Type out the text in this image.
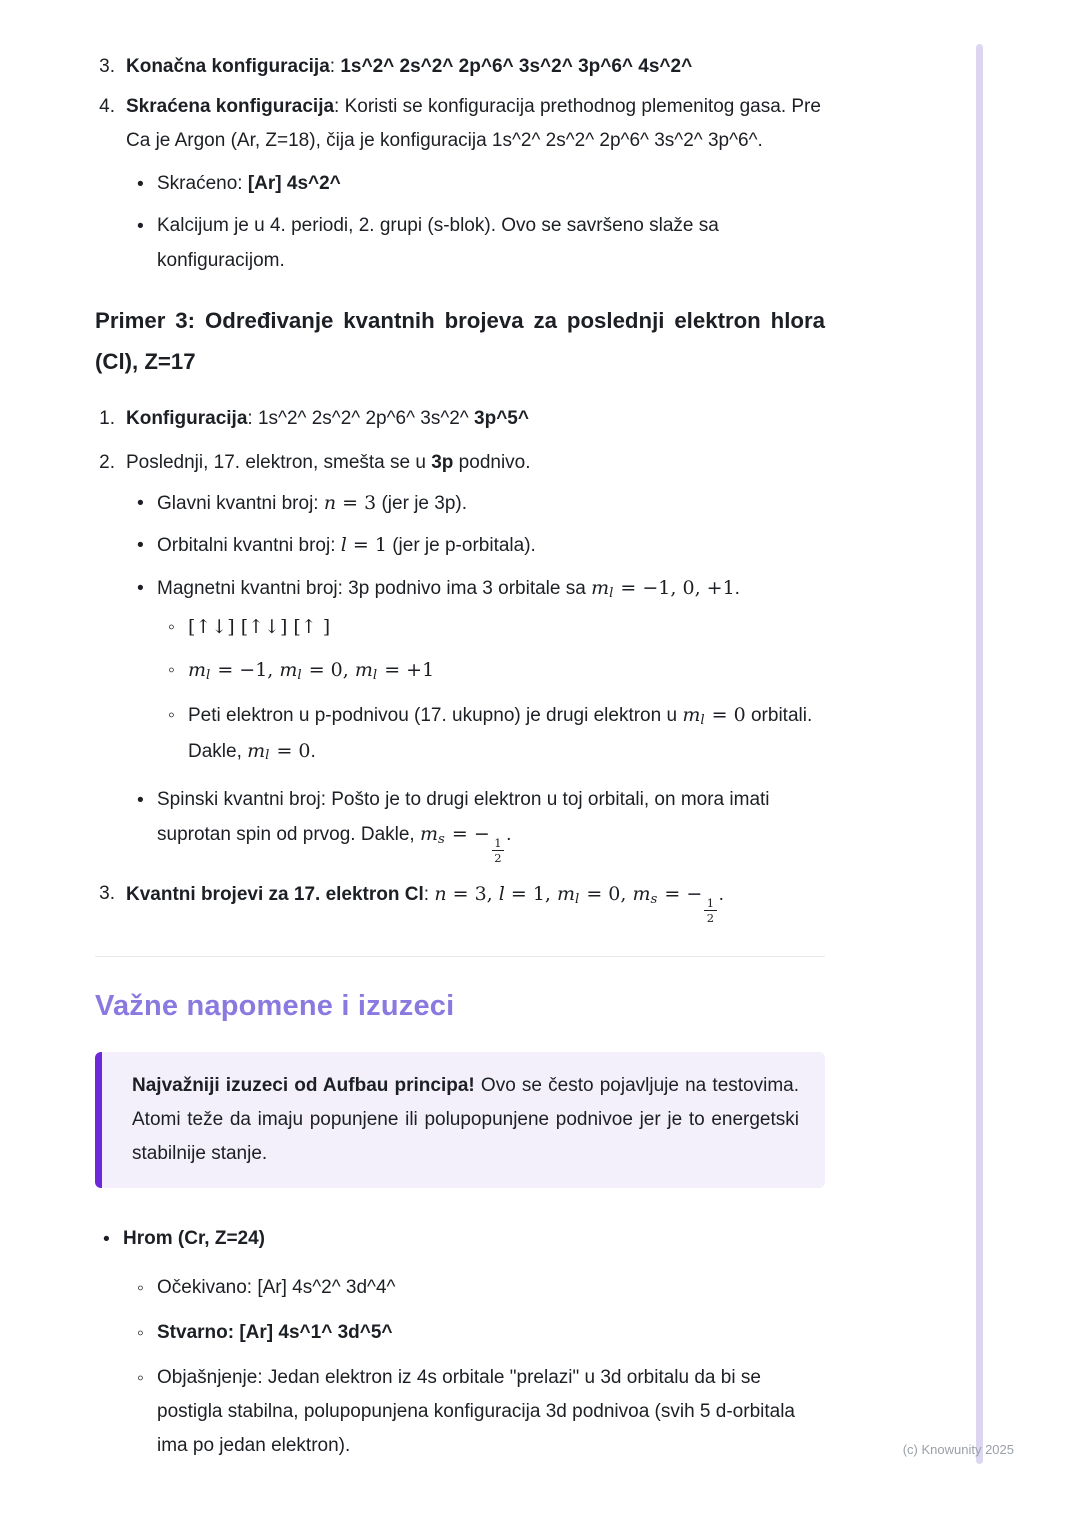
3. Konačna konfiguracija: 1s^2^ 2s^2^ 2p^6^ 3s^2^ 3p^6^ 4s^2^

4. Skraćena konfiguracija: Koristi se konfiguracija prethodnog plemenitog gasa. Pre Ca je Argon (Ar, Z=18), čija je konfiguracija 1s^2^ 2s^2^ 2p^6^ 3s^2^ 3p^6^.

• Skraćeno: [Ar] 4s^2^

• Kalcijum je u 4. periodi, 2. grupi (s-blok). Ovo se savršeno slaže sa konfiguracijom.

Primer 3: Određivanje kvantnih brojeva za poslednji elektron hlora (Cl), Z=17

1. Konfiguracija: 1s^2^ 2s^2^ 2p^6^ 3s^2^ 3p^5^

2. Poslednji, 17. elektron, smešta se u 3p podnivo.

• Glavni kvantni broj: n = 3 (jer je 3p).

• Orbitalni kvantni broj: l = 1 (jer je p-orbitala).

• Magnetni kvantni broj: 3p podnivo ima 3 orbitale sa $m_l = -1$, 0, +1.

◦ [↑↓] [↑↓] [↑ ]

◦ $m_l = -1$, $m_l = 0$, $m_l = +1$

◦ Peti elektron u p-podnivou (17. ukupno) je drugi elektron u $m_l = 0$ orbitali. Dakle, $m_l = 0$.

• Spinski kvantni broj: Pošto je to drugi elektron u toj orbitali, on mora imati suprotan spin od prvog. Dakle, $m_s$ = −
$\frac{1}{2}$
.

3. Kvantni brojevi za 17. elektron Cl: n = 3, l = 1, $m_l = 0$, $m_s$ = −
$\frac{1}{2}$
.

Važne napomene i izuzeci

Najvažniji izuzeci od Aufbau principa! Ovo se često pojavljuje na testovima. Atomi teže da imaju popunjene ili polupopunjene podnivoe jer je to energetski stabilnije stanje.

• Hrom (Cr, Z=24)

◦ Očekivano: [Ar] 4s^2^ 3d^4^

◦ Stvarno: [Ar] 4s^1^ 3d^5^

◦ Objašnjenje: Jedan elektron iz 4s orbitale "prelazi" u 3d orbitalu da bi se postigla stabilna, polupopunjena konfiguracija 3d podnivoa (svih 5 d-orbitala ima po jedan elektron).	(c) Knowunity 2025
